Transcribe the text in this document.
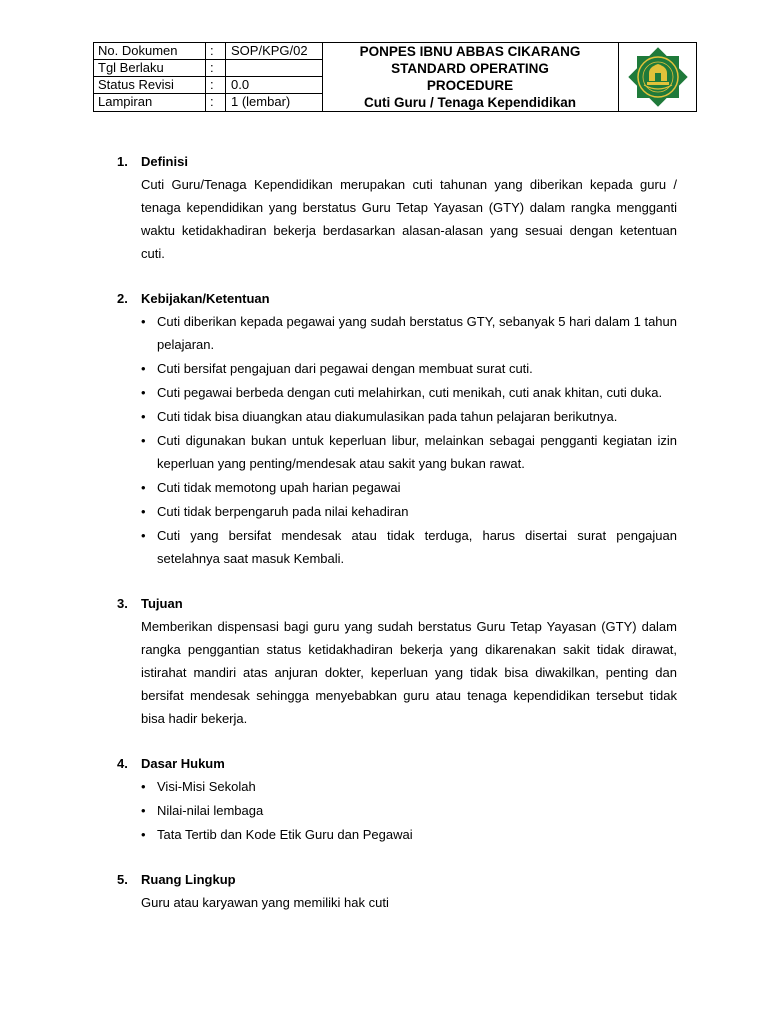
No. Dokumen	: SOP/KPG/02
Tgl Berlaku	:
Status Revisi	: 0.0
Lampiran	: 1 (lembar)
PONPES IBNU ABBAS CIKARANG
STANDARD OPERATING
PROCEDURE
Cuti Guru / Tenaga Kependidikan
1. Definisi
Cuti Guru/Tenaga Kependidikan merupakan cuti tahunan yang diberikan kepada guru / tenaga kependidikan yang berstatus Guru Tetap Yayasan (GTY) dalam rangka mengganti waktu ketidakhadiran bekerja berdasarkan alasan-alasan yang sesuai dengan ketentuan cuti.
2. Kebijakan/Ketentuan
• Cuti diberikan kepada pegawai yang sudah berstatus GTY, sebanyak 5 hari dalam 1 tahun pelajaran.
• Cuti bersifat pengajuan dari pegawai dengan membuat surat cuti.
• Cuti pegawai berbeda dengan cuti melahirkan, cuti menikah, cuti anak khitan, cuti duka.
• Cuti tidak bisa diuangkan atau diakumulasikan pada tahun pelajaran berikutnya.
• Cuti digunakan bukan untuk keperluan libur, melainkan sebagai pengganti kegiatan izin keperluan yang penting/mendesak atau sakit yang bukan rawat.
• Cuti tidak memotong upah harian pegawai
• Cuti tidak berpengaruh pada nilai kehadiran
• Cuti yang bersifat mendesak atau tidak terduga, harus disertai surat pengajuan setelahnya saat masuk Kembali.
3. Tujuan
Memberikan dispensasi bagi guru yang sudah berstatus Guru Tetap Yayasan (GTY) dalam rangka penggantian status ketidakhadiran bekerja yang dikarenakan sakit tidak dirawat, istirahat mandiri atas anjuran dokter, keperluan yang tidak bisa diwakilkan, penting dan bersifat mendesak sehingga menyebabkan guru atau tenaga kependidikan tersebut tidak bisa hadir bekerja.
4. Dasar Hukum
• Visi-Misi Sekolah
• Nilai-nilai lembaga
• Tata Tertib dan Kode Etik Guru dan Pegawai
5. Ruang Lingkup
Guru atau karyawan yang memiliki hak cuti
